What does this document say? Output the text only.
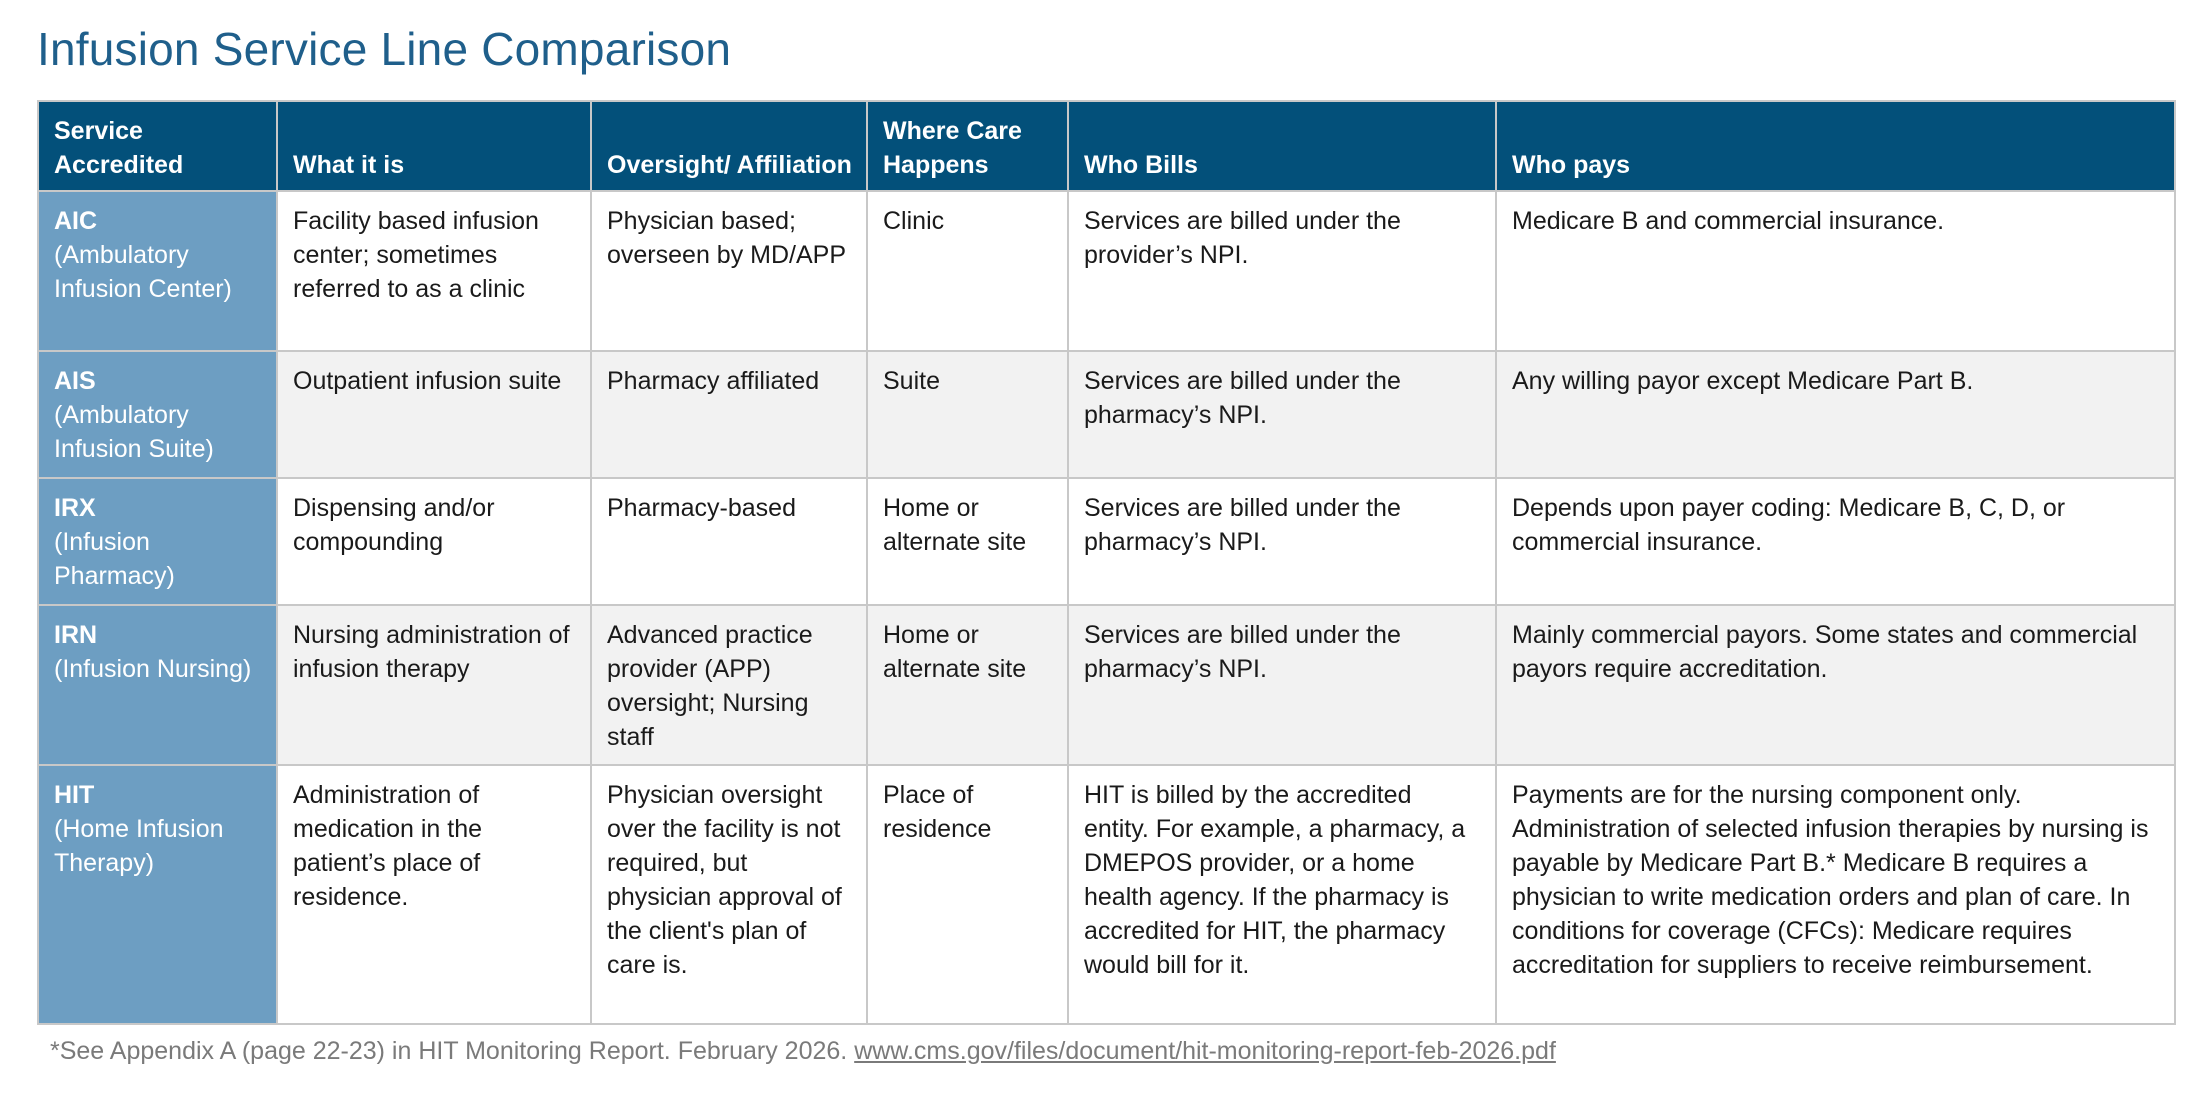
Infusion Service Line Comparison
Service Accredited	What it is	Oversight/ Affiliation	Where Care Happens	Who Bills	Who pays

AIC
(Ambulatory Infusion Center)	Facility based infusion center; sometimes referred to as a clinic	Physician based; overseen by MD/APP	Clinic	Services are billed under the provider’s NPI.	Medicare B and commercial insurance.

AIS
(Ambulatory Infusion Suite)	Outpatient infusion suite	Pharmacy affiliated	Suite	Services are billed under the pharmacy’s NPI.	Any willing payor except Medicare Part B.

IRX
(Infusion Pharmacy)	Dispensing and/or compounding	Pharmacy-based	Home or alternate site	Services are billed under the pharmacy’s NPI.	Depends upon payer coding: Medicare B, C, D, or commercial insurance.

IRN
(Infusion Nursing)	Nursing administration of infusion therapy	Advanced practice provider (APP) oversight; Nursing staff	Home or alternate site	Services are billed under the pharmacy’s NPI.	Mainly commercial payors. Some states and commercial payors require accreditation.

HIT
(Home Infusion Therapy)	Administration of medication in the patient’s place of residence.	Physician oversight over the facility is not required, but physician approval of the client's plan of care is.	Place of residence	HIT is billed by the accredited entity. For example, a pharmacy, a DMEPOS provider, or a home health agency. If the pharmacy is accredited for HIT, the pharmacy would bill for it.	Payments are for the nursing component only. Administration of selected infusion therapies by nursing is payable by Medicare Part B.* Medicare B requires a physician to write medication orders and plan of care. In conditions for coverage (CFCs): Medicare requires accreditation for suppliers to receive reimbursement.
*See Appendix A (page 22-23) in HIT Monitoring Report. February 2026. www.cms.gov/files/document/hit-monitoring-report-feb-2026.pdf
